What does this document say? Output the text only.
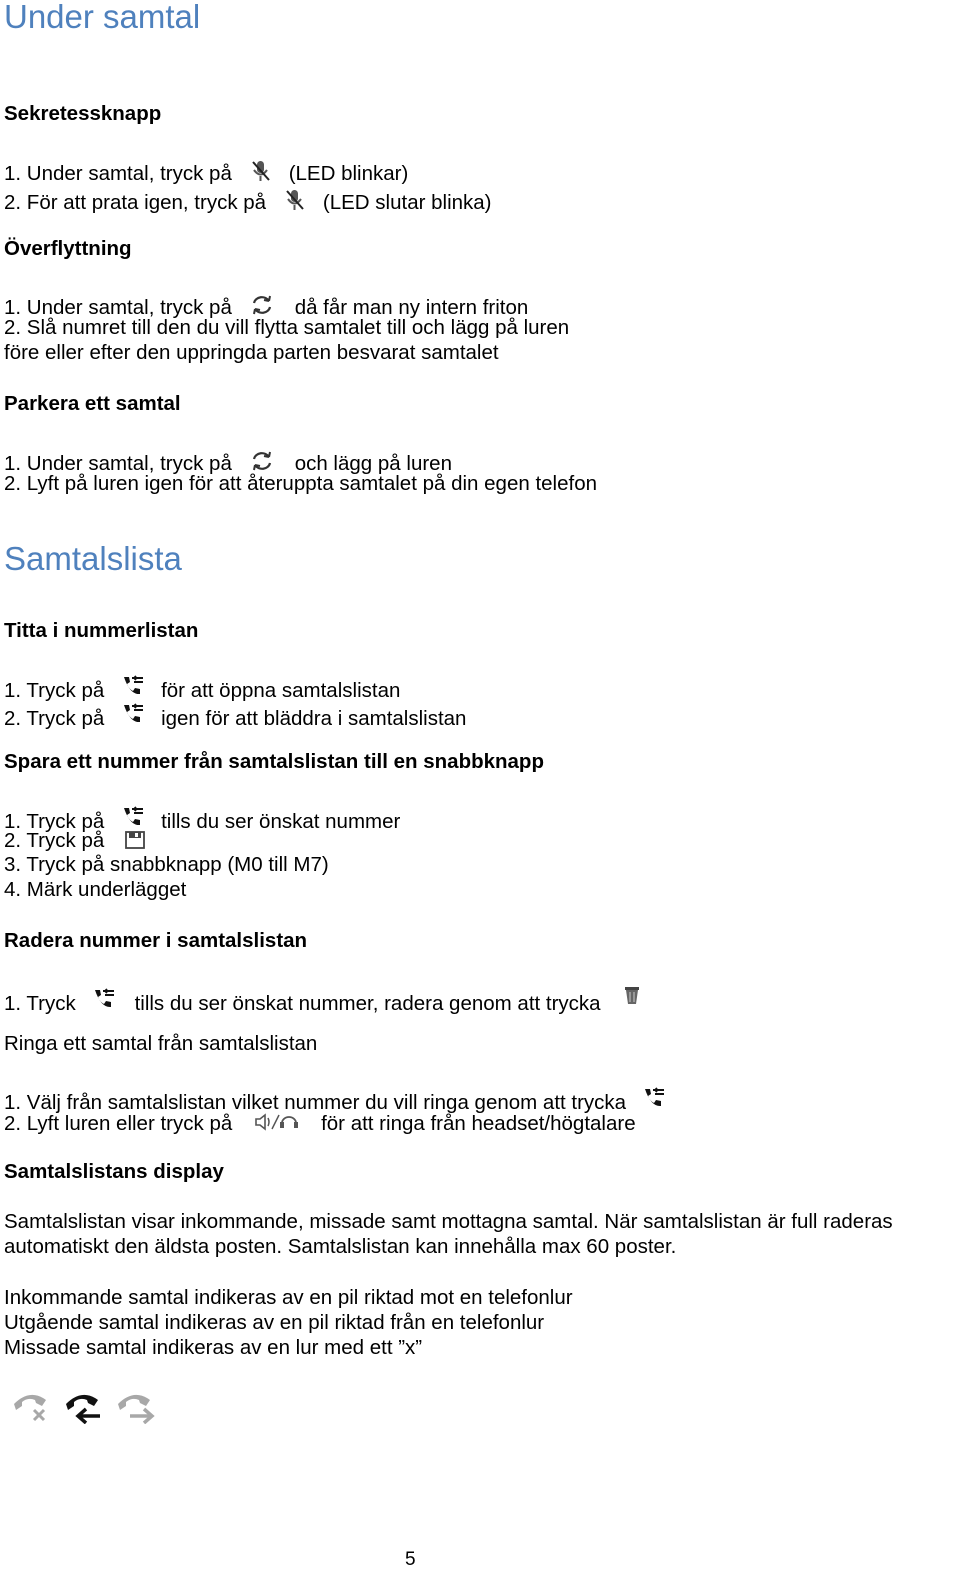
Under samtal
Sekretessknapp
1. Under samtal, tryck på	(LED blinkar)
2. För att prata igen, tryck på	(LED slutar blinka)
Överflyttning
1. Under samtal, tryck på	då får man ny intern friton
2. Slå numret till den du vill flytta samtalet till och lägg på luren
före eller efter den uppringda parten besvarat samtalet
Parkera ett samtal
1. Under samtal, tryck på	och lägg på luren
2. Lyft på luren igen för att återuppta samtalet på din egen telefon
Samtalslista
Titta i nummerlistan
1. Tryck på	för att öppna samtalslistan
2. Tryck på	igen för att bläddra i samtalslistan
Spara ett nummer från samtalslistan till en snabbknapp
1. Tryck på	tills du ser önskat nummer
2. Tryck på
3. Tryck på snabbknapp (M0 till M7)
4. Märk underlägget
Radera nummer i samtalslistan
1. Tryck	tills du ser önskat nummer, radera genom att trycka
Ringa ett samtal från samtalslistan
1. Välj från samtalslistan vilket nummer du vill ringa genom att trycka
2. Lyft luren eller tryck på	för att ringa från headset/högtalare
Samtalslistans display
Samtalslistan visar inkommande, missade samt mottagna samtal. När samtalslistan är full raderas
automatiskt den äldsta posten. Samtalslistan kan innehålla max 60 poster.
Inkommande samtal indikeras av en pil riktad mot en telefonlur
Utgående samtal indikeras av en pil riktad från en telefonlur
Missade samtal indikeras av en lur med ett ”x”
5
